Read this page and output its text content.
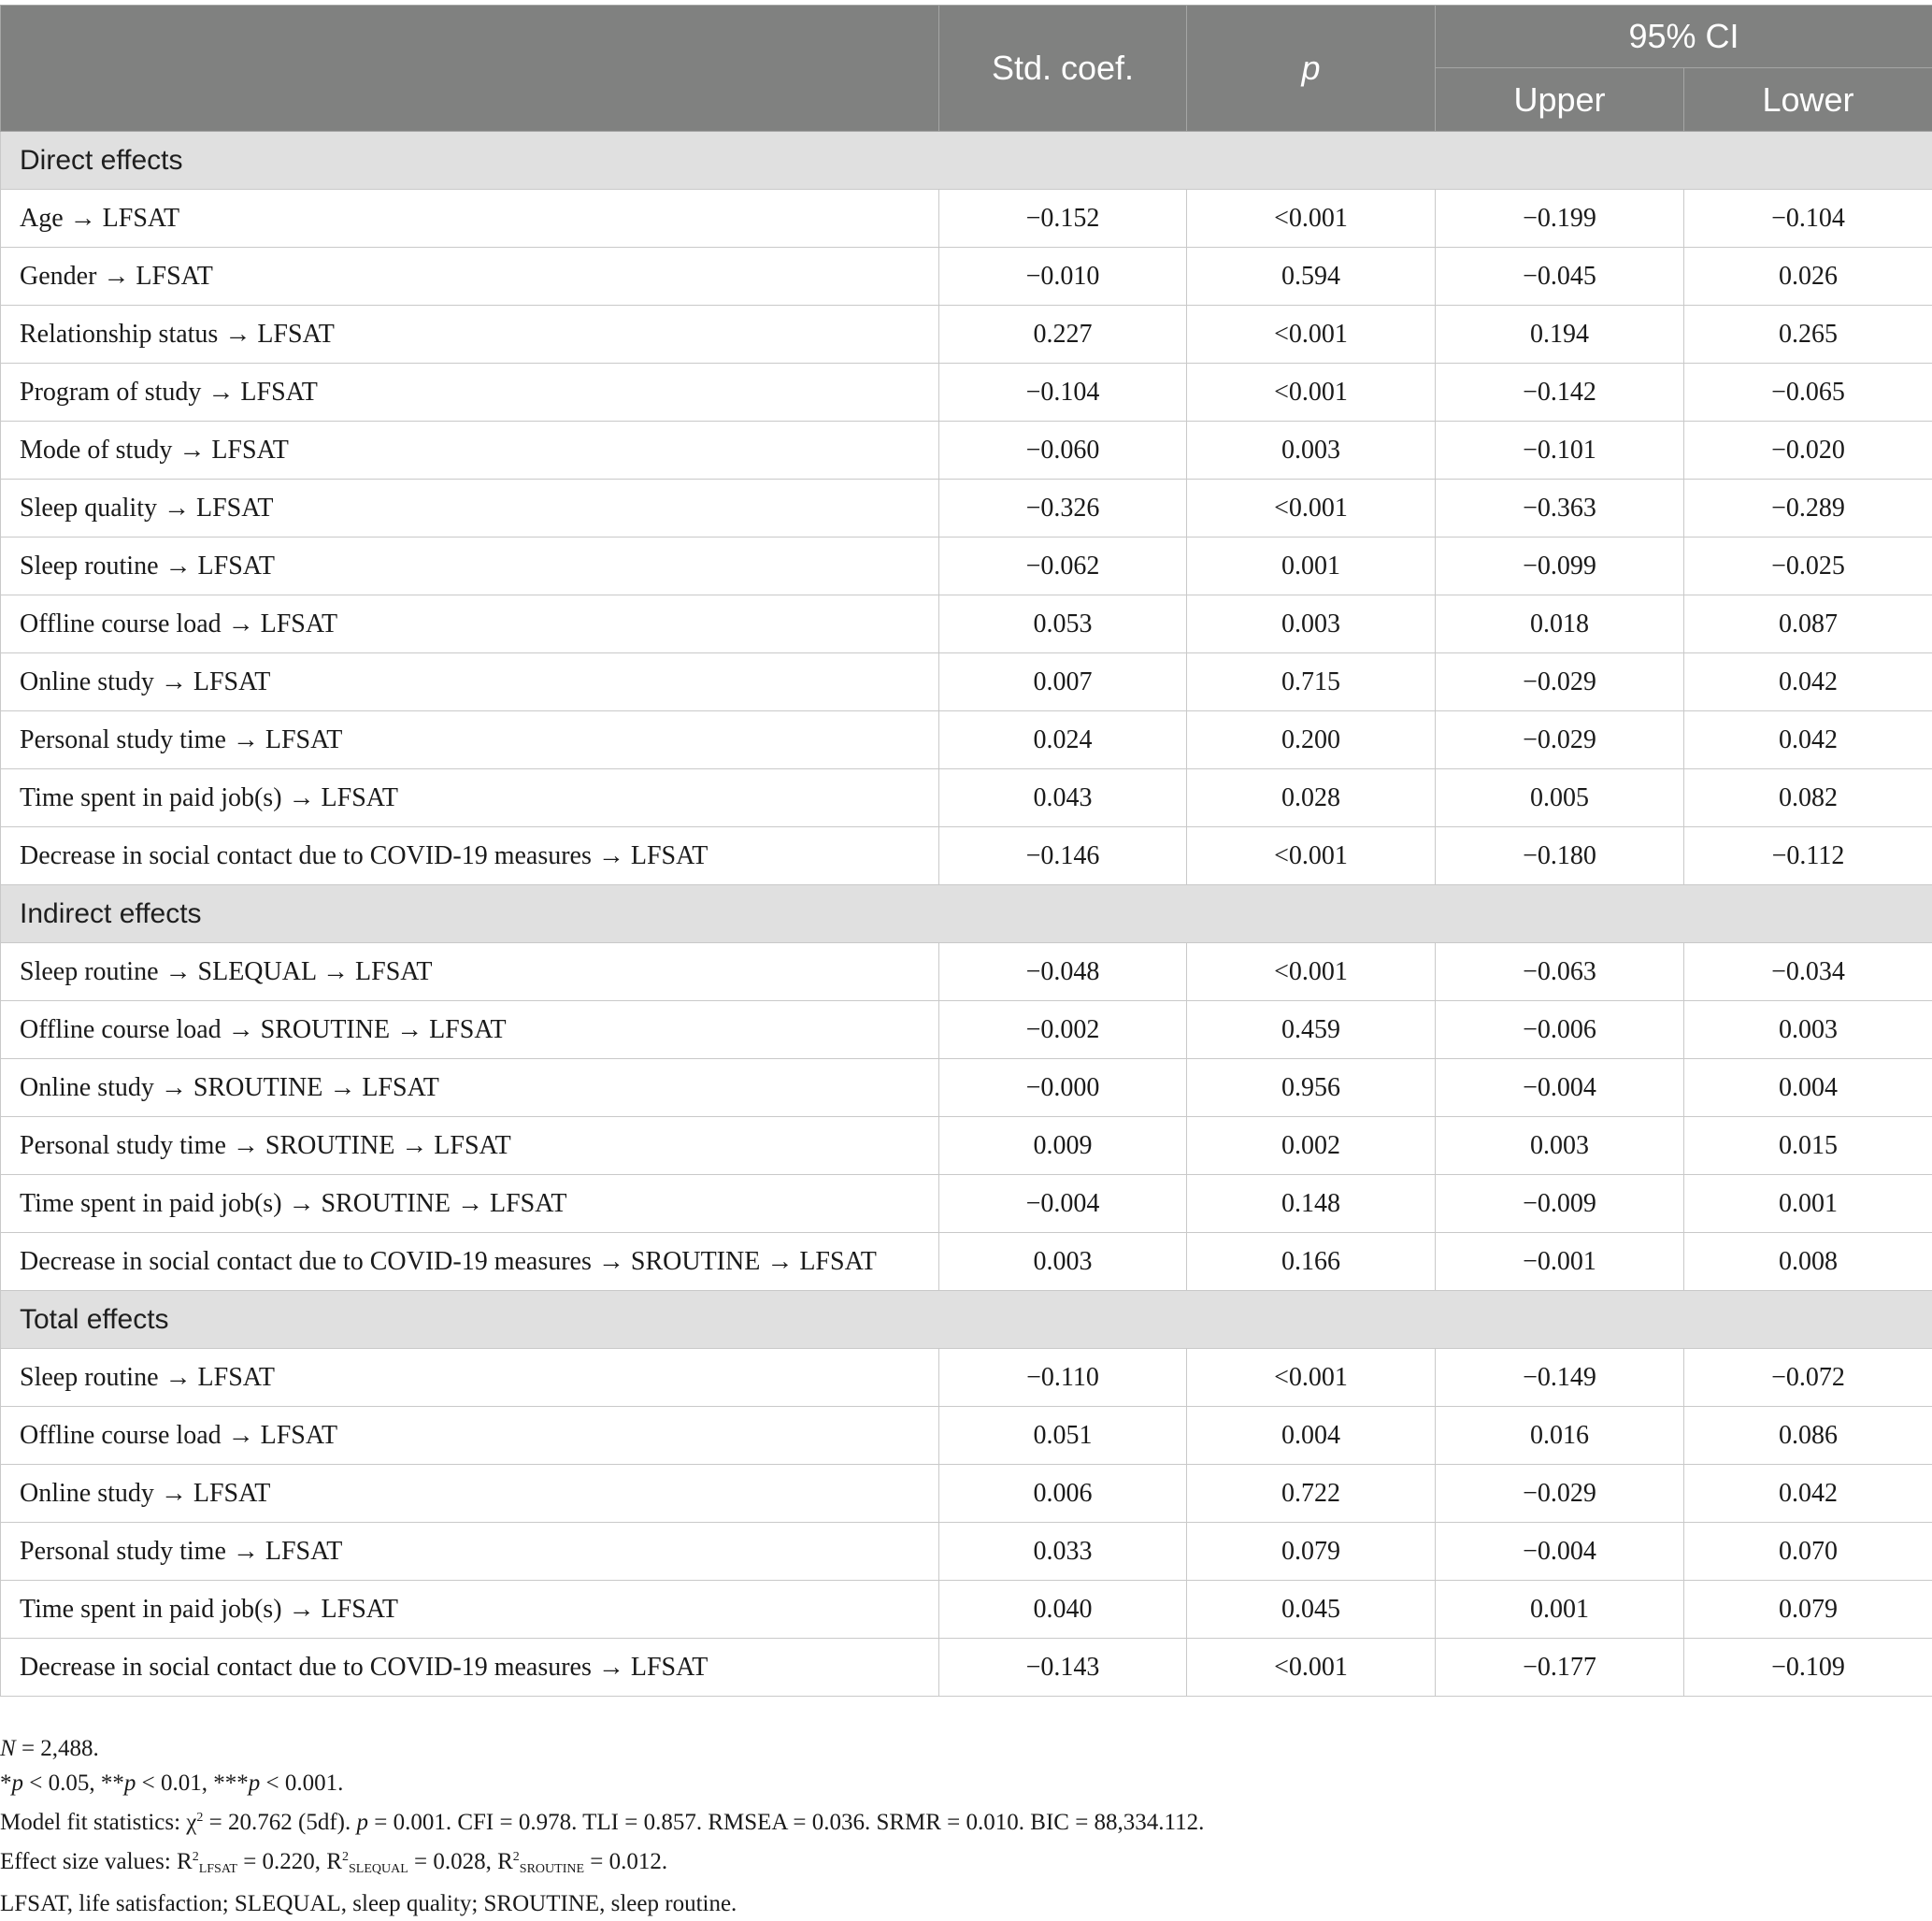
	Std. coef.	p	95% CI	
			Upper	Lower
Direct effects				
Age → LFSAT	−0.152	<0.001	−0.199	−0.104
Gender → LFSAT	−0.010	0.594	−0.045	0.026
Relationship status → LFSAT	0.227	<0.001	0.194	0.265
Program of study → LFSAT	−0.104	<0.001	−0.142	−0.065
Mode of study → LFSAT	−0.060	0.003	−0.101	−0.020
Sleep quality → LFSAT	−0.326	<0.001	−0.363	−0.289
Sleep routine → LFSAT	−0.062	0.001	−0.099	−0.025
Offline course load → LFSAT	0.053	0.003	0.018	0.087
Online study → LFSAT	0.007	0.715	−0.029	0.042
Personal study time → LFSAT	0.024	0.200	−0.029	0.042
Time spent in paid job(s) → LFSAT	0.043	0.028	0.005	0.082
Decrease in social contact due to COVID-19 measures → LFSAT	−0.146	<0.001	−0.180	−0.112
Indirect effects				
Sleep routine → SLEQUAL → LFSAT	−0.048	<0.001	−0.063	−0.034
Offline course load → SROUTINE → LFSAT	−0.002	0.459	−0.006	0.003
Online study → SROUTINE → LFSAT	−0.000	0.956	−0.004	0.004
Personal study time → SROUTINE → LFSAT	0.009	0.002	0.003	0.015
Time spent in paid job(s) → SROUTINE → LFSAT	−0.004	0.148	−0.009	0.001
Decrease in social contact due to COVID-19 measures → SROUTINE → LFSAT	0.003	0.166	−0.001	0.008
Total effects				
Sleep routine → LFSAT	−0.110	<0.001	−0.149	−0.072
Offline course load → LFSAT	0.051	0.004	0.016	0.086
Online study → LFSAT	0.006	0.722	−0.029	0.042
Personal study time → LFSAT	0.033	0.079	−0.004	0.070
Time spent in paid job(s) → LFSAT	0.040	0.045	0.001	0.079
Decrease in social contact due to COVID-19 measures → LFSAT	−0.143	<0.001	−0.177	−0.109
N = 2,488.
*p < 0.05, **p < 0.01, ***p < 0.001.
Model fit statistics: $\chi^2 = 20.762$ (5df). p = 0.001. CFI = 0.978. TLI = 0.857. RMSEA = 0.036. SRMR = 0.010. BIC = 88,334.112.
Effect size values: $R^2_{LFSAT} = 0.220$, $R^2_{SLEQUAL} = 0.028$, $R^2_{SROUTINE} = 0.012$.
LFSAT, life satisfaction; SLEQUAL, sleep quality; SROUTINE, sleep routine.
